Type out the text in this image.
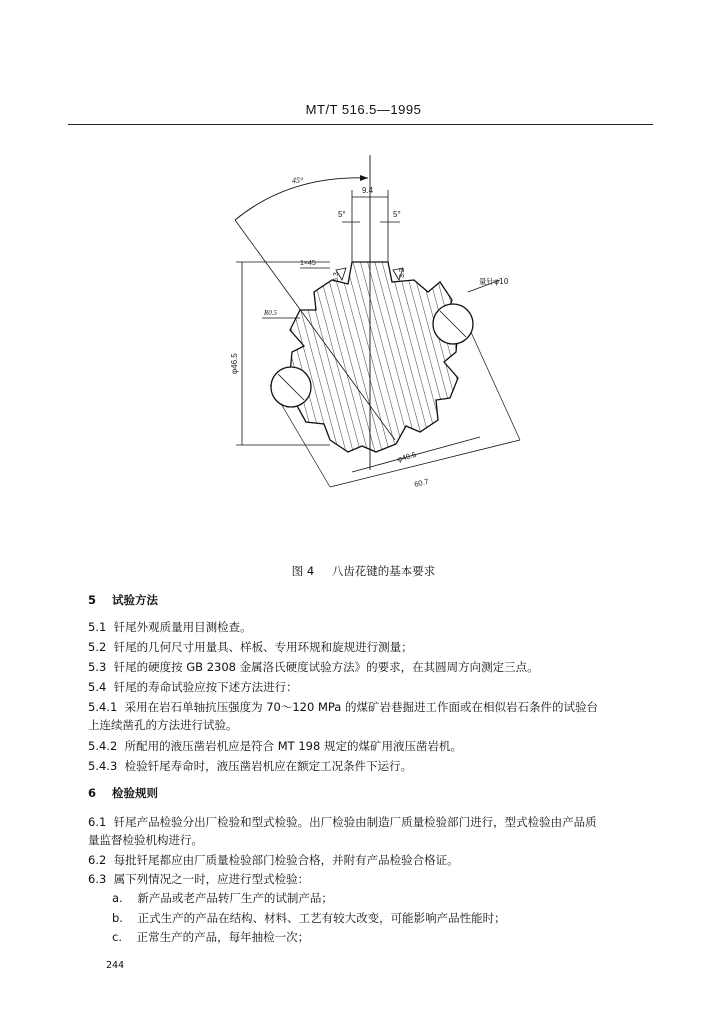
MT/T 516.5—1995
45°
9.4
5°	5°
1×45
R0.5
6.3	3.2
量针φ10
φ46.5
φ40.5
60.7
图 4 八齿花键的基本要求
5 试验方法
5.1 钎尾外观质量用目测检查。
5.2 钎尾的几何尺寸用量具、样板、专用环规和旋规进行测量；
5.3 钎尾的硬度按 GB 2308 金属洛氏硬度试验方法》的要求，在其圆周方向测定三点。
5.4 钎尾的寿命试验应按下述方法进行：
5.4.1 采用在岩石单轴抗压强度为 70～120 MPa 的煤矿岩巷掘进工作面或在相似岩石条件的试验台
上连续凿孔的方法进行试验。
5.4.2 所配用的液压凿岩机应是符合 MT 198 规定的煤矿用液压凿岩机。
5.4.3 检验钎尾寿命时，液压凿岩机应在额定工况条件下运行。
6 检验规则
6.1 钎尾产品检验分出厂检验和型式检验。出厂检验由制造厂质量检验部门进行，型式检验由产品质
量监督检验机构进行。
6.2 每批钎尾都应由厂质量检验部门检验合格，并附有产品检验合格证。
6.3 属下列情况之一时，应进行型式检验：
a. 新产品或老产品转厂生产的试制产品；
b. 正式生产的产品在结构、材料、工艺有较大改变，可能影响产品性能时；
c. 正常生产的产品，每年抽检一次；
244
